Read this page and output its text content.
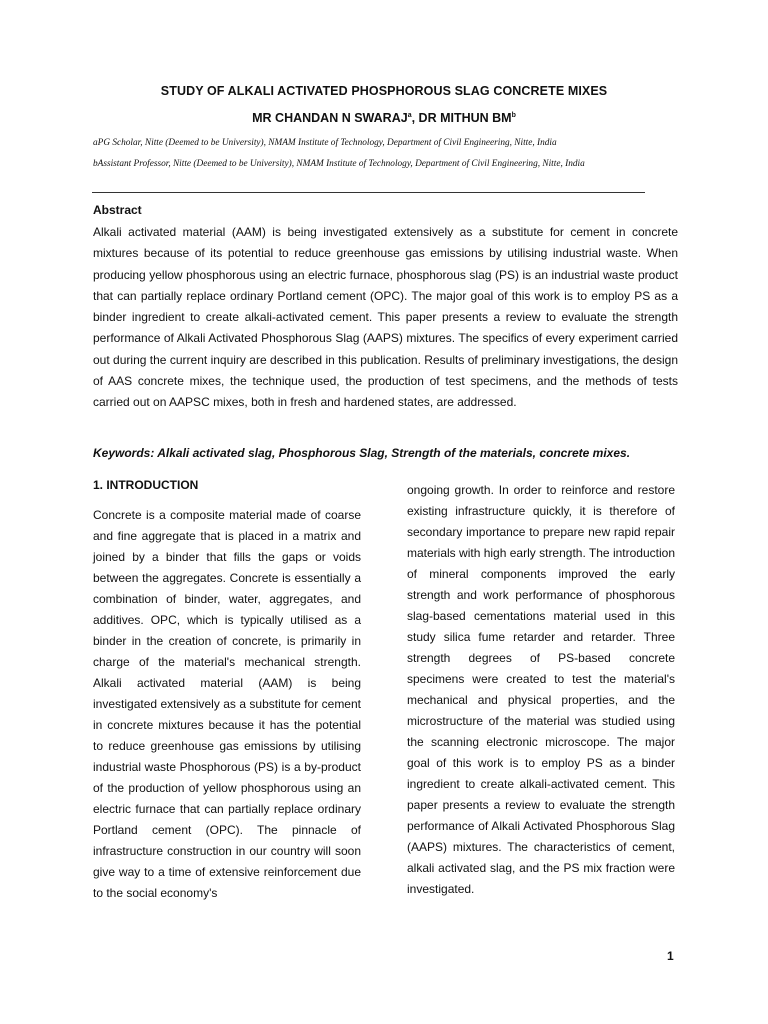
STUDY OF ALKALI ACTIVATED PHOSPHOROUS SLAG CONCRETE MIXES
MR CHANDAN N SWARAJ$^a$, DR MITHUN $BM^b$
aPG Scholar, Nitte (Deemed to be University), NMAM Institute of Technology, Department of Civil Engineering, Nitte, India
bAssistant Professor, Nitte (Deemed to be University), NMAM Institute of Technology, Department of Civil Engineering, Nitte, India
Abstract
Alkali activated material (AAM) is being investigated extensively as a substitute for cement in concrete mixtures because of its potential to reduce greenhouse gas emissions by utilising industrial waste. When producing yellow phosphorous using an electric furnace, phosphorous slag (PS) is an industrial waste product that can partially replace ordinary Portland cement (OPC). The major goal of this work is to employ PS as a binder ingredient to create alkali-activated cement. This paper presents a review to evaluate the strength performance of Alkali Activated Phosphorous Slag (AAPS) mixtures. The specifics of every experiment carried out during the current inquiry are described in this publication. Results of preliminary investigations, the design of AAS concrete mixes, the technique used, the production of test specimens, and the methods of tests carried out on AAPSC mixes, both in fresh and hardened states, are addressed.
Keywords: Alkali activated slag, Phosphorous Slag, Strength of the materials, concrete mixes.
1. INTRODUCTION
Concrete is a composite material made of coarse and fine aggregate that is placed in a matrix and joined by a binder that fills the gaps or voids between the aggregates. Concrete is essentially a combination of binder, water, aggregates, and additives. OPC, which is typically utilised as a binder in the creation of concrete, is primarily in charge of the material's mechanical strength. Alkali activated material (AAM) is being investigated extensively as a substitute for cement in concrete mixtures because it has the potential to reduce greenhouse gas emissions by utilising industrial waste Phosphorous (PS) is a by-product of the production of yellow phosphorous using an electric furnace that can partially replace ordinary Portland cement (OPC). The pinnacle of infrastructure construction in our country will soon give way to a time of extensive reinforcement due to the social economy's
ongoing growth. In order to reinforce and restore existing infrastructure quickly, it is therefore of secondary importance to prepare new rapid repair materials with high early strength. The introduction of mineral components improved the early strength and work performance of phosphorous slag-based cementations material used in this study silica fume retarder and retarder. Three strength degrees of PS-based concrete specimens were created to test the material's mechanical and physical properties, and the microstructure of the material was studied using the scanning electronic microscope. The major goal of this work is to employ PS as a binder ingredient to create alkali-activated cement. This paper presents a review to evaluate the strength performance of Alkali Activated Phosphorous Slag (AAPS) mixtures. The characteristics of cement, alkali activated slag, and the PS mix fraction were investigated.
1
